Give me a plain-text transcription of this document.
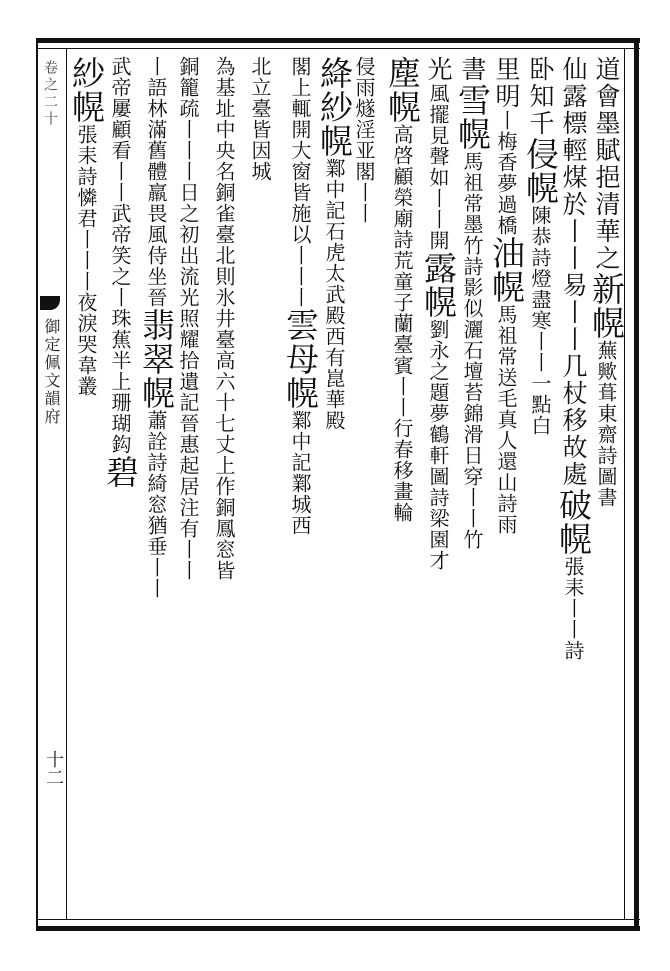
卷之二十
御定佩文韻府
十二
道會墨賦挹清華之新幌蕪歟葺東齋詩圖書
仙露標輕煤於丨丨易丨丨几杖移故處破幌張耒丨丨詩
卧知千侵幌陳恭詩燈盡寒丨丨一點白
里明丨梅香夢過橋油幌馬祖常送毛真人還山詩雨
書雪幌馬祖常墨竹詩影似灑石壇苔錦滑日穿丨丨竹
光風擺見聲如丨丨開露幌劉永之題夢鶴軒圖詩梁園才
塵幌高啓顧榮廟詩荒童子蘭臺賓丨丨行春移畫輪
侵雨燧淫亚閣丨丨
絳紗幌鄴中記石虎太武殿西有崑華殿
閣上輒開大窗皆施以丨丨丨雲母幌鄴中記鄴城西
北立臺皆因城
為基址中央名銅雀臺北則氷井臺高六十七丈上作銅鳳窓皆
銅籠疏丨丨丨日之初出流光照耀拾遺記晉惠起居注有丨丨
丨語林滿舊體羸畏風侍坐晉翡翠幌蕭詮詩綺窓猶垂丨丨
武帝屢顧看丨丨武帝笑之丨珠蕉半上珊瑚鈎碧
紗幌張耒詩憐君丨丨丨夜淚哭韋叢
